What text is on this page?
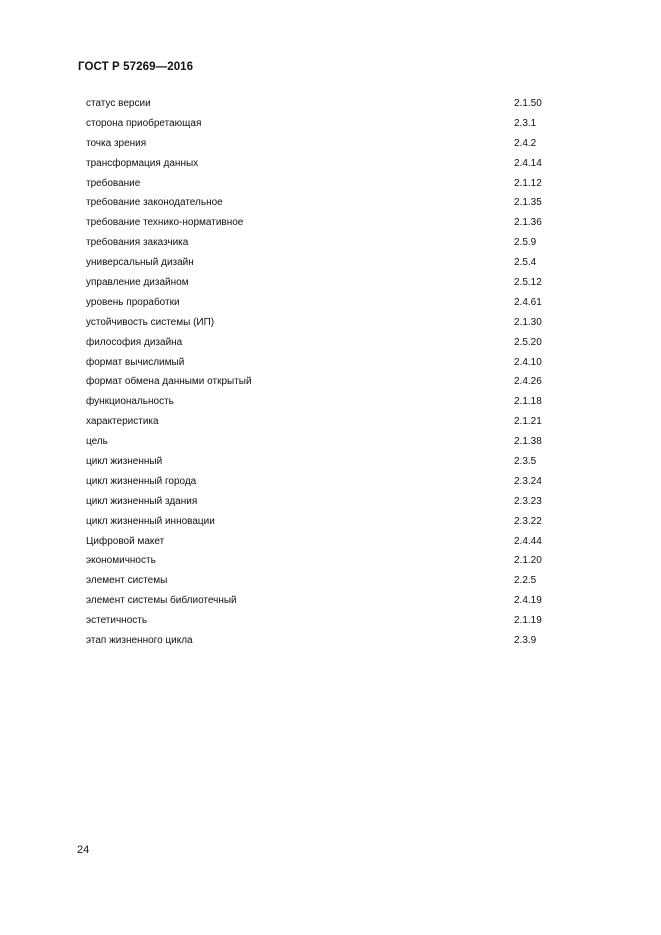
ГОСТ Р 57269—2016
статус версии	2.1.50
сторона приобретающая	2.3.1
точка зрения	2.4.2
трансформация данных	2.4.14
требование	2.1.12
требование законодательное	2.1.35
требование технико-нормативное	2.1.36
требования заказчика	2.5.9
универсальный дизайн	2.5.4
управление дизайном	2.5.12
уровень проработки	2.4.61
устойчивость системы (ИП)	2.1.30
философия дизайна	2.5.20
формат вычислимый	2.4.10
формат обмена данными открытый	2.4.26
функциональность	2.1.18
характеристика	2.1.21
цель	2.1.38
цикл жизненный	2.3.5
цикл жизненный города	2.3.24
цикл жизненный здания	2.3.23
цикл жизненный инновации	2.3.22
Цифровой макет	2.4.44
экономичность	2.1.20
элемент системы	2.2.5
элемент системы библиотечный	2.4.19
эстетичность	2.1.19
этап жизненного цикла	2.3.9
24
